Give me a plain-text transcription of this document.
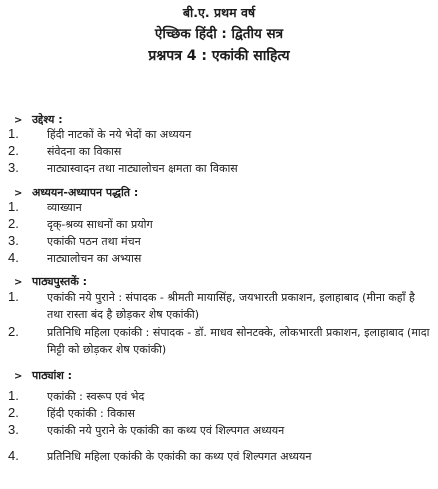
बी.ए. प्रथम वर्ष
ऐच्छिक हिंदी : द्वितीय सत्र
प्रश्नपत्र 4 : एकांकी साहित्य
> उद्देश्य :
1.	हिंदी नाटकों के नये भेदों का अध्ययन
2.	संवेदना का विकास
3.	नाट्यास्वादन तथा नाट्यालोचन क्षमता का विकास
> अध्ययन-अध्यापन पद्धति :
1.	व्याख्यान
2.	दृक्-श्रव्य साधनों का प्रयोग
3.	एकांकी पठन तथा मंचन
4.	नाट्यालोचन का अभ्यास
> पाठ्यपुस्तकें :
1.	एकांकी नये पुराने : संपादक - श्रीमती मायासिंह, जयभारती प्रकाशन, इलाहाबाद (मीना कहाँ है तथा रास्ता बंद है छोड़कर शेष एकांकी)
2.	प्रतिनिधि महिला एकांकी : संपादक - डॉ. माधव सोनटक्के, लोकभारती प्रकाशन, इलाहाबाद (मादा मिट्टी को छोड़कर शेष एकांकी)
> पाठ्यांश :
1.	एकांकी : स्वरूप एवं भेद
2.	हिंदी एकांकी : विकास
3.	एकांकी नये पुराने के एकांकी का कथ्य एवं शिल्पगत अध्ययन
4.	प्रतिनिधि महिला एकांकी के एकांकी का कथ्य एवं शिल्पगत अध्ययन
